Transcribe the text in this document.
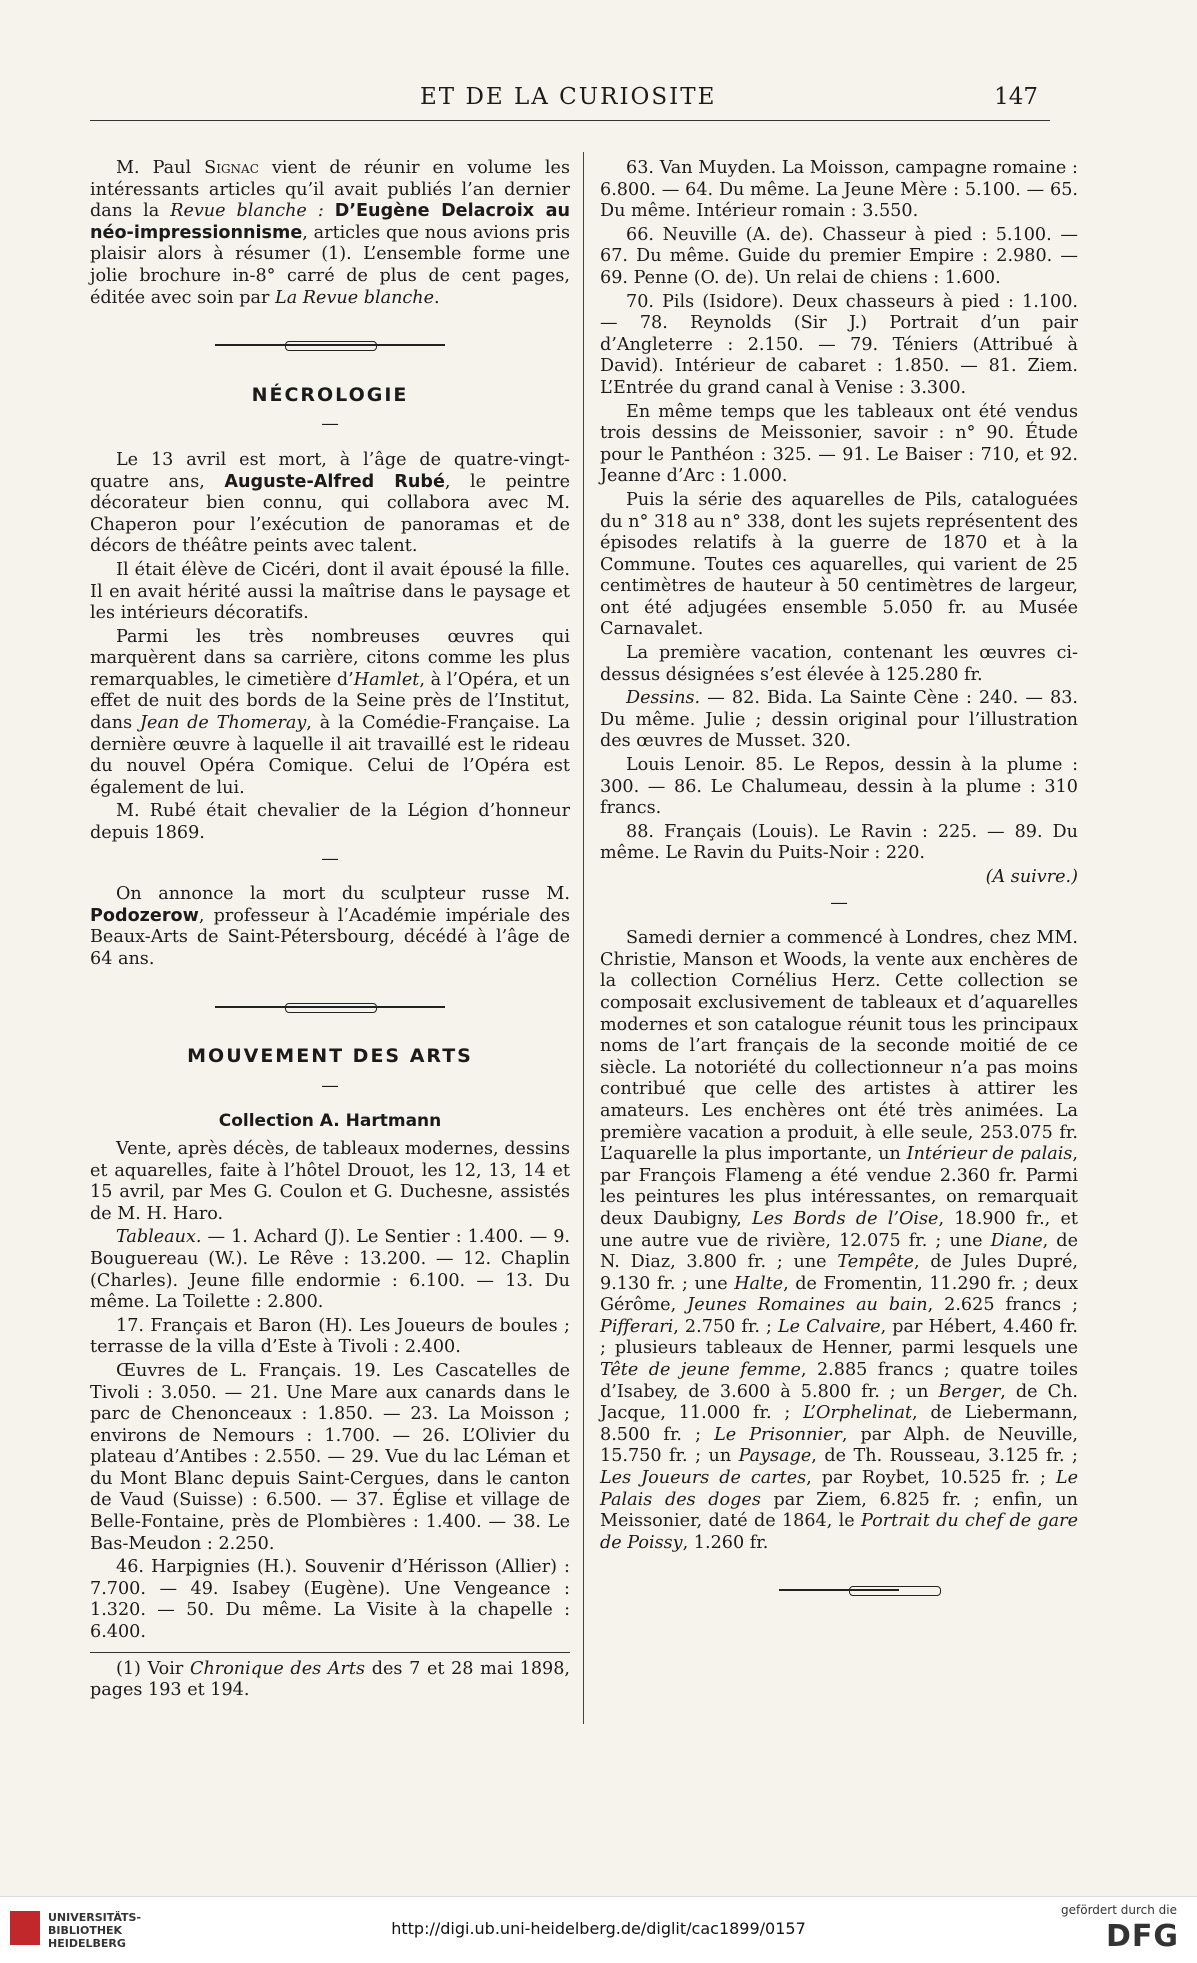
ET DE LA CURIOSITE	147

M. Paul Signac vient de réunir en volume les intéressants articles qu’il avait publiés l’an dernier dans la Revue blanche : D’Eugène Delacroix au néo-impressionnisme, articles que nous avions pris plaisir alors à résumer (1). L’ensemble forme une jolie brochure in-8° carré de plus de cent pages, éditée avec soin par La Revue blanche.

NÉCROLOGIE
—

Le 13 avril est mort, à l’âge de quatre-vingt-quatre ans, Auguste-Alfred Rubé, le peintre décorateur bien connu, qui collabora avec M. Chaperon pour l’exécution de panoramas et de décors de théâtre peints avec talent.

Il était élève de Cicéri, dont il avait épousé la fille. Il en avait hérité aussi la maîtrise dans le paysage et les intérieurs décoratifs.

Parmi les très nombreuses œuvres qui marquèrent dans sa carrière, citons comme les plus remarquables, le cimetière d’Hamlet, à l’Opéra, et un effet de nuit des bords de la Seine près de l’Institut, dans Jean de Thomeray, à la Comédie-Française. La dernière œuvre à laquelle il ait travaillé est le rideau du nouvel Opéra Comique. Celui de l’Opéra est également de lui.

M. Rubé était chevalier de la Légion d’honneur depuis 1869.

—

On annonce la mort du sculpteur russe M. Podozerow, professeur à l’Académie impériale des Beaux-Arts de Saint-Pétersbourg, décédé à l’âge de 64 ans.

MOUVEMENT DES ARTS
—
Collection A. Hartmann

Vente, après décès, de tableaux modernes, dessins et aquarelles, faite à l’hôtel Drouot, les 12, 13, 14 et 15 avril, par Mes G. Coulon et G. Duchesne, assistés de M. H. Haro.

Tableaux. — 1. Achard (J). Le Sentier : 1.400. — 9. Bouguereau (W.). Le Rêve : 13.200. — 12. Chaplin (Charles). Jeune fille endormie : 6.100. — 13. Du même. La Toilette : 2.800.

17. Français et Baron (H). Les Joueurs de boules ; terrasse de la villa d’Este à Tivoli : 2.400.

Œuvres de L. Français. 19. Les Cascatelles de Tivoli : 3.050. — 21. Une Mare aux canards dans le parc de Chenonceaux : 1.850. — 23. La Moisson ; environs de Nemours : 1.700. — 26. L’Olivier du plateau d’Antibes : 2.550. — 29. Vue du lac Léman et du Mont Blanc depuis Saint-Cergues, dans le canton de Vaud (Suisse) : 6.500. — 37. Église et village de Belle-Fontaine, près de Plombières : 1.400. — 38. Le Bas-Meudon : 2.250.

46. Harpignies (H.). Souvenir d’Hérisson (Allier) : 7.700. — 49. Isabey (Eugène). Une Vengeance : 1.320. — 50. Du même. La Visite à la chapelle : 6.400.

(1) Voir Chronique des Arts des 7 et 28 mai 1898, pages 193 et 194.

63. Van Muyden. La Moisson, campagne romaine : 6.800. — 64. Du même. La Jeune Mère : 5.100. — 65. Du même. Intérieur romain : 3.550.

66. Neuville (A. de). Chasseur à pied : 5.100. — 67. Du même. Guide du premier Empire : 2.980. — 69. Penne (O. de). Un relai de chiens : 1.600.

70. Pils (Isidore). Deux chasseurs à pied : 1.100. — 78. Reynolds (Sir J.) Portrait d’un pair d’Angleterre : 2.150. — 79. Téniers (Attribué à David). Intérieur de cabaret : 1.850. — 81. Ziem. L’Entrée du grand canal à Venise : 3.300.

En même temps que les tableaux ont été vendus trois dessins de Meissonier, savoir : n° 90. Étude pour le Panthéon : 325. — 91. Le Baiser : 710, et 92. Jeanne d’Arc : 1.000.

Puis la série des aquarelles de Pils, cataloguées du n° 318 au n° 338, dont les sujets représentent des épisodes relatifs à la guerre de 1870 et à la Commune. Toutes ces aquarelles, qui varient de 25 centimètres de hauteur à 50 centimètres de largeur, ont été adjugées ensemble 5.050 fr. au Musée Carnavalet.

La première vacation, contenant les œuvres ci-dessus désignées s’est élevée à 125.280 fr.

Dessins. — 82. Bida. La Sainte Cène : 240. — 83. Du même. Julie ; dessin original pour l’illustration des œuvres de Musset. 320.

Louis Lenoir. 85. Le Repos, dessin à la plume : 300. — 86. Le Chalumeau, dessin à la plume : 310 francs.

88. Français (Louis). Le Ravin : 225. — 89. Du même. Le Ravin du Puits-Noir : 220.

(A suivre.)

—

Samedi dernier a commencé à Londres, chez MM. Christie, Manson et Woods, la vente aux enchères de la collection Cornélius Herz. Cette collection se composait exclusivement de tableaux et d’aquarelles modernes et son catalogue réunit tous les principaux noms de l’art français de la seconde moitié de ce siècle. La notoriété du collectionneur n’a pas moins contribué que celle des artistes à attirer les amateurs. Les enchères ont été très animées. La première vacation a produit, à elle seule, 253.075 fr. L’aquarelle la plus importante, un Intérieur de palais, par François Flameng a été vendue 2.360 fr. Parmi les peintures les plus intéressantes, on remarquait deux Daubigny, Les Bords de l’Oise, 18.900 fr., et une autre vue de rivière, 12.075 fr. ; une Diane, de N. Diaz, 3.800 fr. ; une Tempête, de Jules Dupré, 9.130 fr. ; une Halte, de Fromentin, 11.290 fr. ; deux Gérôme, Jeunes Romaines au bain, 2.625 francs ; Pifferari, 2.750 fr. ; Le Calvaire, par Hébert, 4.460 fr. ; plusieurs tableaux de Henner, parmi lesquels une Tête de jeune femme, 2.885 francs ; quatre toiles d’Isabey, de 3.600 à 5.800 fr. ; un Berger, de Ch. Jacque, 11.000 fr. ; L’Orphelinat, de Liebermann, 8.500 fr. ; Le Prisonnier, par Alph. de Neuville, 15.750 fr. ; un Paysage, de Th. Rousseau, 3.125 fr. ; Les Joueurs de cartes, par Roybet, 10.525 fr. ; Le Palais des doges par Ziem, 6.825 fr. ; enfin, un Meissonier, daté de 1864, le Portrait du chef de gare de Poissy, 1.260 fr.

UNIVERSITÄTS-
BIBLIOTHEK
HEIDELBERG
http://digi.ub.uni-heidelberg.de/diglit/cac1899/0157
gefördert durch die
DFG
